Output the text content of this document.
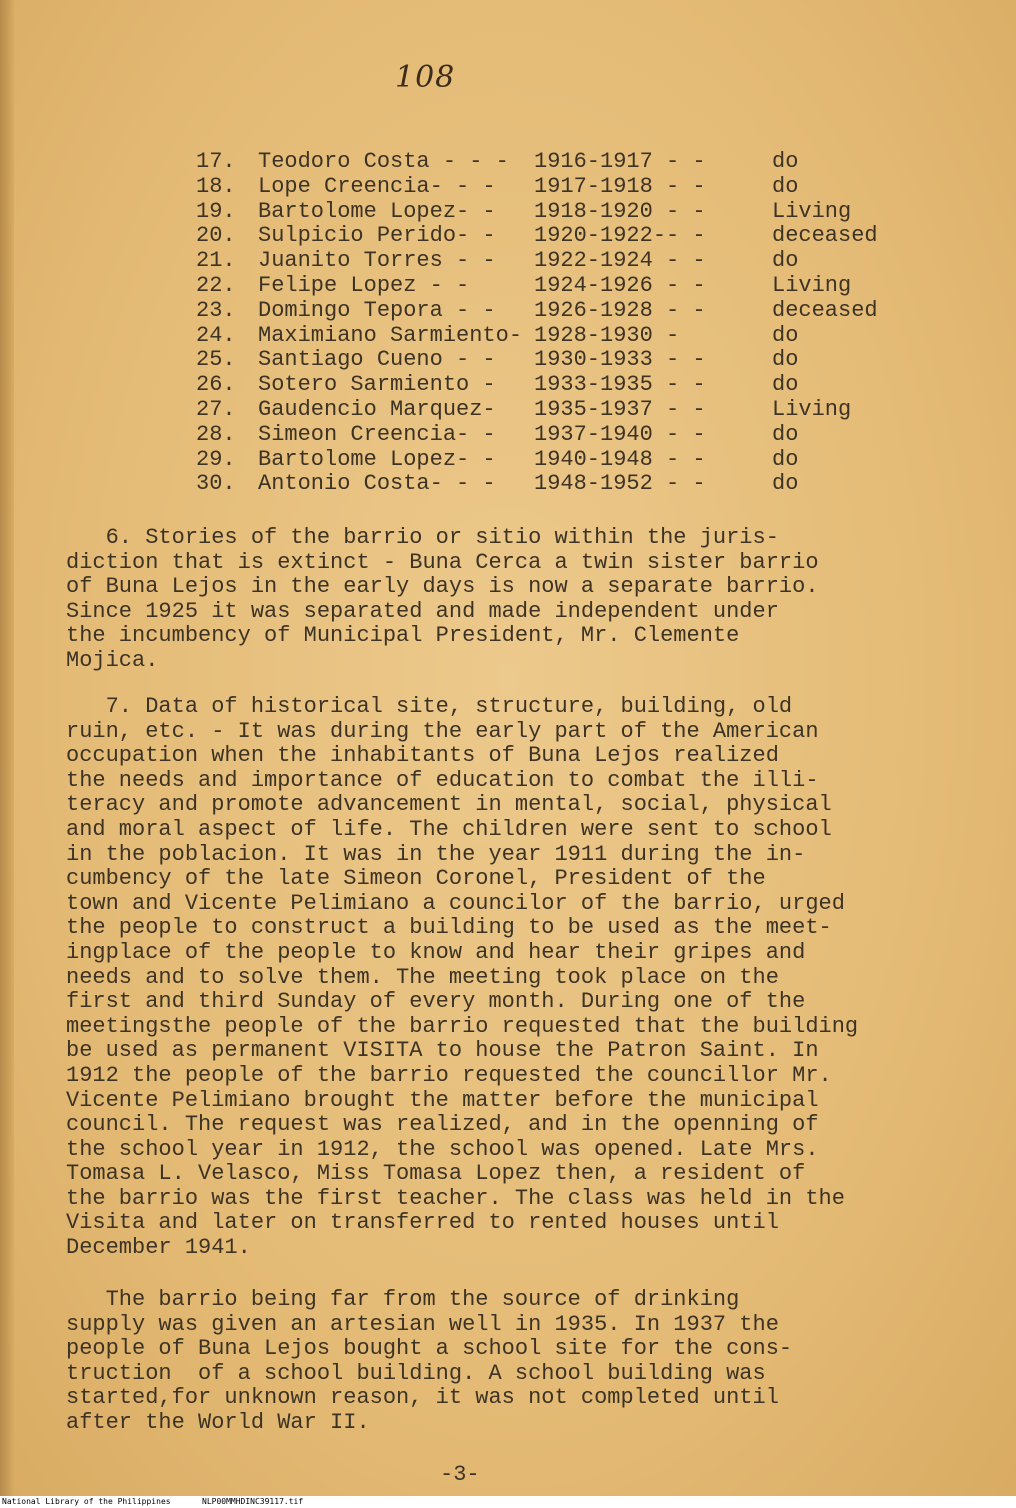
108
17. Teodoro Costa - - - 1916-1917 - -	do
18. Lope Creencia- - - 1917-1918 - -	do
19. Bartolome Lopez- - 1918-1920 - -	Living
20. Sulpicio Perido- - 1920-1922-- -	deceased
21. Juanito Torres - - 1922-1924 - -	do
22. Felipe Lopez - -	1924-1926 - -	Living
23. Domingo Tepora - - 1926-1928 - -	deceased
24. Maximiano Sarmiento- 1928-1930 -	do
25. Santiago Cueno - - 1930-1933 - -	do
26. Sotero Sarmiento - 1933-1935 - -	do
27. Gaudencio Marquez- 1935-1937 - -	Living
28. Simeon Creencia- - 1937-1940 - -	do
29. Bartolome Lopez- - 1940-1948 - -	do
30. Antonio Costa- - - 1948-1952 - -	do
6. Stories of the barrio or sitio within the juris-
diction that is extinct - Buna Cerca a twin sister barrio
of Buna Lejos in the early days is now a separate barrio.
Since 1925 it was separated and made independent under
the incumbency of Municipal President, Mr. Clemente
Mojica.
7. Data of historical site, structure, building, old
ruin, etc. - It was during the early part of the American
occupation when the inhabitants of Buna Lejos realized
the needs and importance of education to combat the illi-
teracy and promote advancement in mental, social, physical
and moral aspect of life. The children were sent to school
in the poblacion. It was in the year 1911 during the in-
cumbency of the late Simeon Coronel, President of the
town and Vicente Pelimiano a councilor of the barrio, urged
the people to construct a building to be used as the meet-
ingplace of the people to know and hear their gripes and
needs and to solve them. The meeting took place on the
first and third Sunday of every month. During one of the
meetingsthe people of the barrio requested that the building
be used as permanent VISITA to house the Patron Saint. In
1912 the people of the barrio requested the councillor Mr.
Vicente Pelimiano brought the matter before the municipal
council. The request was realized, and in the openning of
the school year in 1912, the school was opened. Late Mrs.
Tomasa L. Velasco, Miss Tomasa Lopez then, a resident of
the barrio was the first teacher. The class was held in the
Visita and later on transferred to rented houses until
December 1941.
The barrio being far from the source of drinking
supply was given an artesian well in 1935. In 1937 the
people of Buna Lejos bought a school site for the cons-
truction  of a school building. A school building was
started,for unknown reason, it was not completed until
after the World War II.
-3-
National Library of the Philippines	NLP00MMHDINC39117.tif
